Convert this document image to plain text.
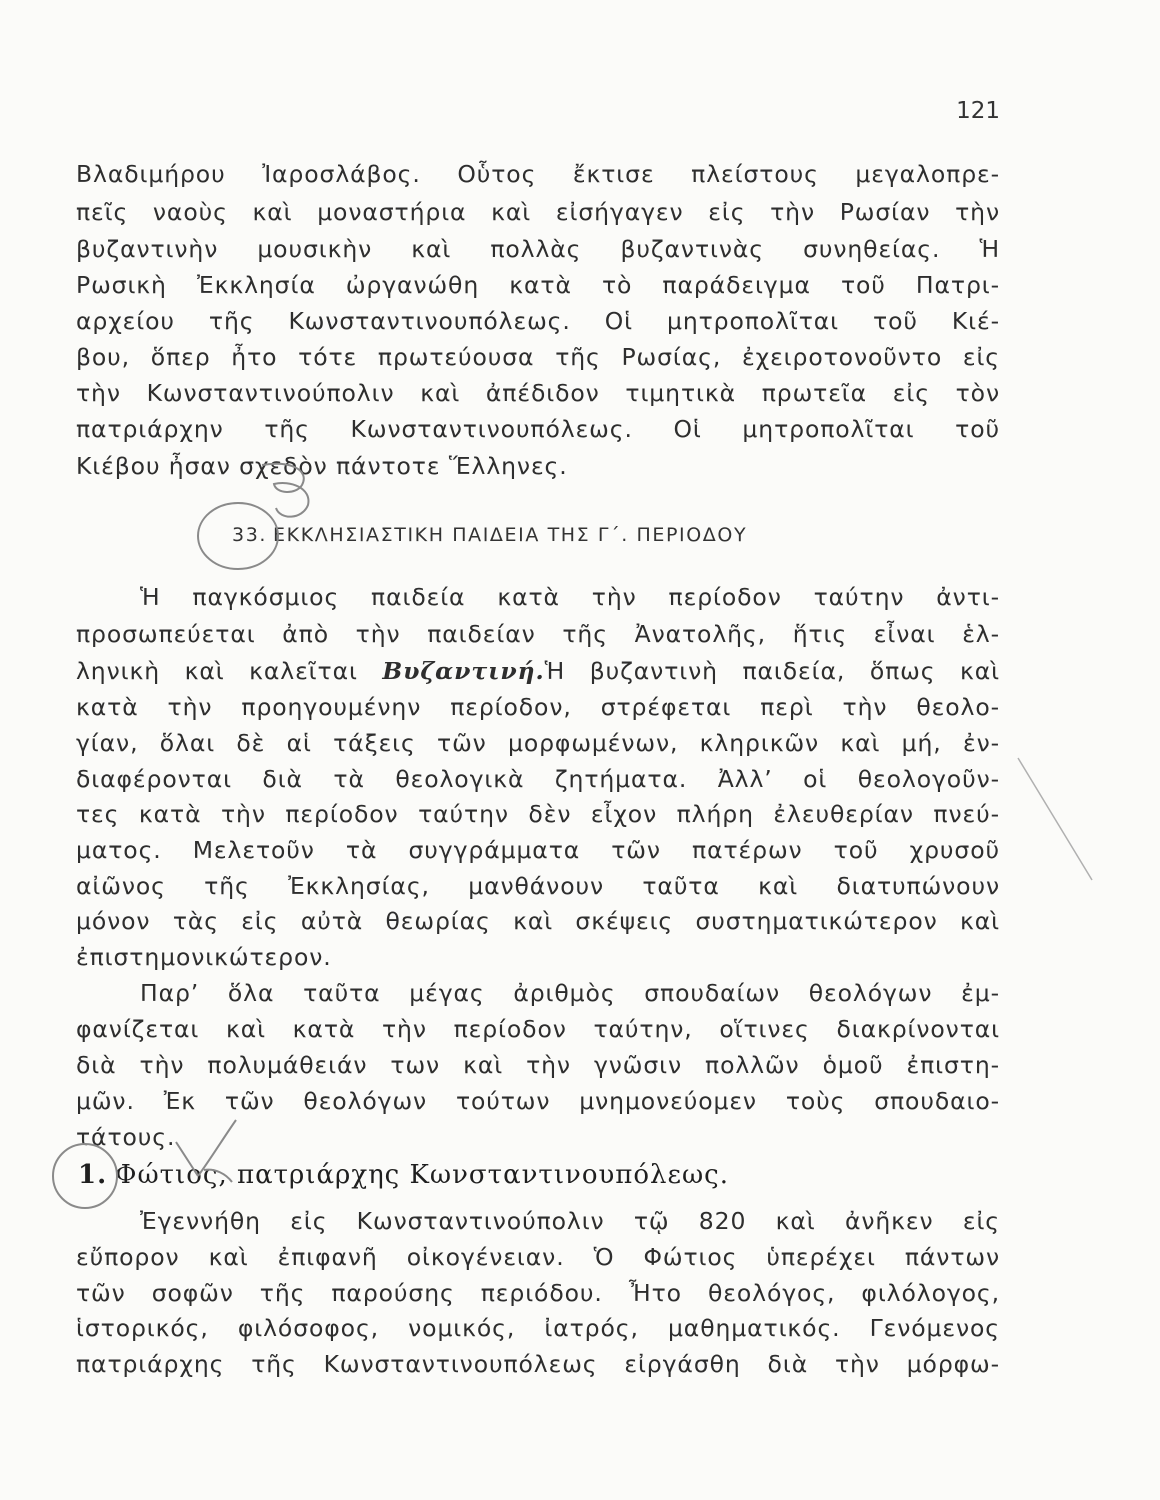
121
Βλαδιμήρου Ἰαροσλάβος. Οὗτος ἔκτισε πλείστους μεγαλοπρε-
πεῖς ναοὺς καὶ μοναστήρια καὶ εἰσήγαγεν εἰς τὴν Ρωσίαν τὴν
βυζαντινὴν μουσικὴν καὶ πολλὰς βυζαντινὰς συνηθείας. Ἡ
Ρωσικὴ Ἐκκλησία ὠργανώθη κατὰ τὸ παράδειγμα τοῦ Πατρι-
αρχείου τῆς Κωνσταντινουπόλεως. Οἱ μητροπολῖται τοῦ Κιέ-
βου, ὅπερ ἦτο τότε πρωτεύουσα τῆς Ρωσίας, ἐχειροτονοῦντο εἰς
τὴν Κωνσταντινούπολιν καὶ ἀπέδιδον τιμητικὰ πρωτεῖα εἰς τὸν
πατριάρχην τῆς Κωνσταντινουπόλεως. Οἱ μητροπολῖται τοῦ
Κιέβου ἦσαν σχεδὸν πάντοτε Ἕλληνες.
33. ΕΚΚΛΗΣΙΑΣΤΙΚΗ ΠΑΙΔΕΙΑ ΤΗΣ Γ΄. ΠΕΡΙΟΔΟΥ
Ἡ παγκόσμιος παιδεία κατὰ τὴν περίοδον ταύτην ἀντι-
προσωπεύεται ἀπὸ τὴν παιδείαν τῆς Ἀνατολῆς, ἥτις εἶναι ἑλ-
ληνικὴ καὶ καλεῖται Βυζαντινή.Ἡ βυζαντινὴ παιδεία, ὅπως καὶ
κατὰ τὴν προηγουμένην περίοδον, στρέφεται περὶ τὴν θεολο-
γίαν, ὅλαι δὲ αἱ τάξεις τῶν μορφωμένων, κληρικῶν καὶ μή, ἐν-
διαφέρονται διὰ τὰ θεολογικὰ ζητήματα. Ἀλλ’ οἱ θεολογοῦν-
τες κατὰ τὴν περίοδον ταύτην δὲν εἶχον πλήρη ἐλευθερίαν πνεύ-
ματος. Μελετοῦν τὰ συγγράμματα τῶν πατέρων τοῦ χρυσοῦ
αἰῶνος τῆς Ἐκκλησίας, μανθάνουν ταῦτα καὶ διατυπώνουν
μόνον τὰς εἰς αὐτὰ θεωρίας καὶ σκέψεις συστηματικώτερον καὶ
ἐπιστημονικώτερον.
Παρ’ ὅλα ταῦτα μέγας ἀριθμὸς σπουδαίων θεολόγων ἐμ-
φανίζεται καὶ κατὰ τὴν περίοδον ταύτην, οἵτινες διακρίνονται
διὰ τὴν πολυμάθειάν των καὶ τὴν γνῶσιν πολλῶν ὁμοῦ ἐπιστη-
μῶν. Ἐκ τῶν θεολόγων τούτων μνημονεύομεν τοὺς σπουδαιο-
τάτους.
1. Φώτιος, πατριάρχης Κωνσταντινουπόλεως.
Ἐγεννήθη εἰς Κωνσταντινούπολιν τῷ 820 καὶ ἀνῆκεν εἰς
εὔπορον καὶ ἐπιφανῆ οἰκογένειαν. Ὁ Φώτιος ὑπερέχει πάντων
τῶν σοφῶν τῆς παρούσης περιόδου. Ἦτο θεολόγος, φιλόλογος,
ἱστορικός, φιλόσοφος, νομικός, ἰατρός, μαθηματικός. Γενόμενος
πατριάρχης τῆς Κωνσταντινουπόλεως εἰργάσθη διὰ τὴν μόρφω-
